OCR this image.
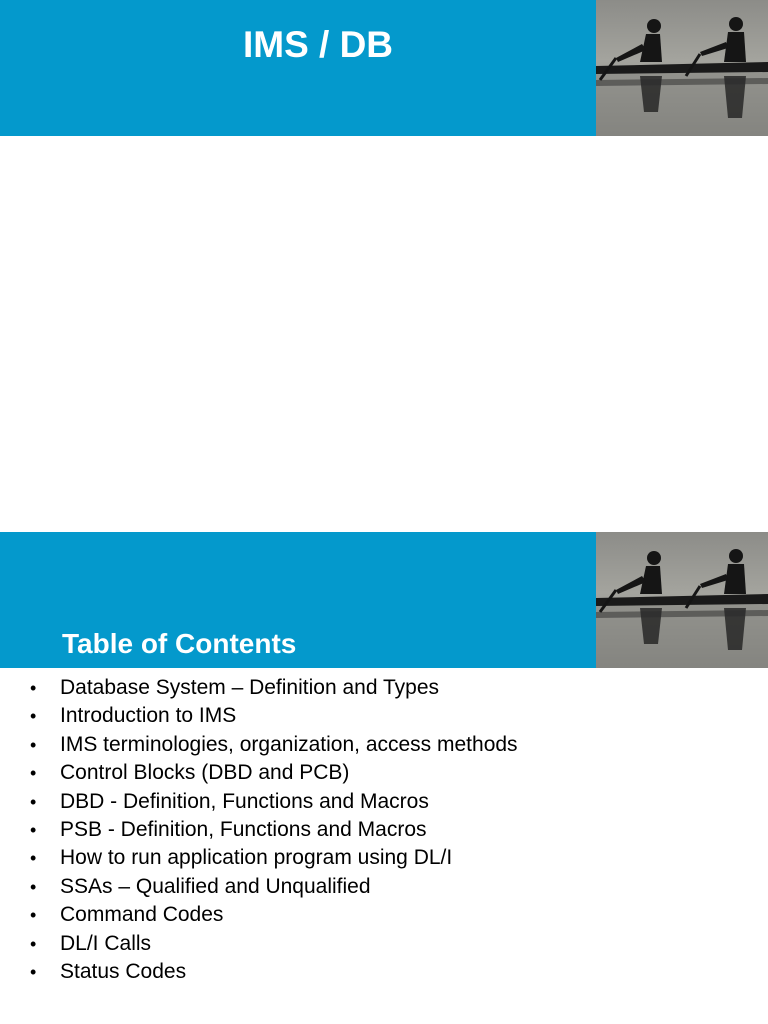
IMS / DB
Table of Contents
• Database System – Definition and Types
• Introduction to IMS
• IMS terminologies, organization, access methods
• Control Blocks (DBD and PCB)
• DBD - Definition, Functions and Macros
• PSB - Definition, Functions and Macros
• How to run application program using DL/I
• SSAs – Qualified and Unqualified
• Command Codes
• DL/I Calls
• Status Codes
